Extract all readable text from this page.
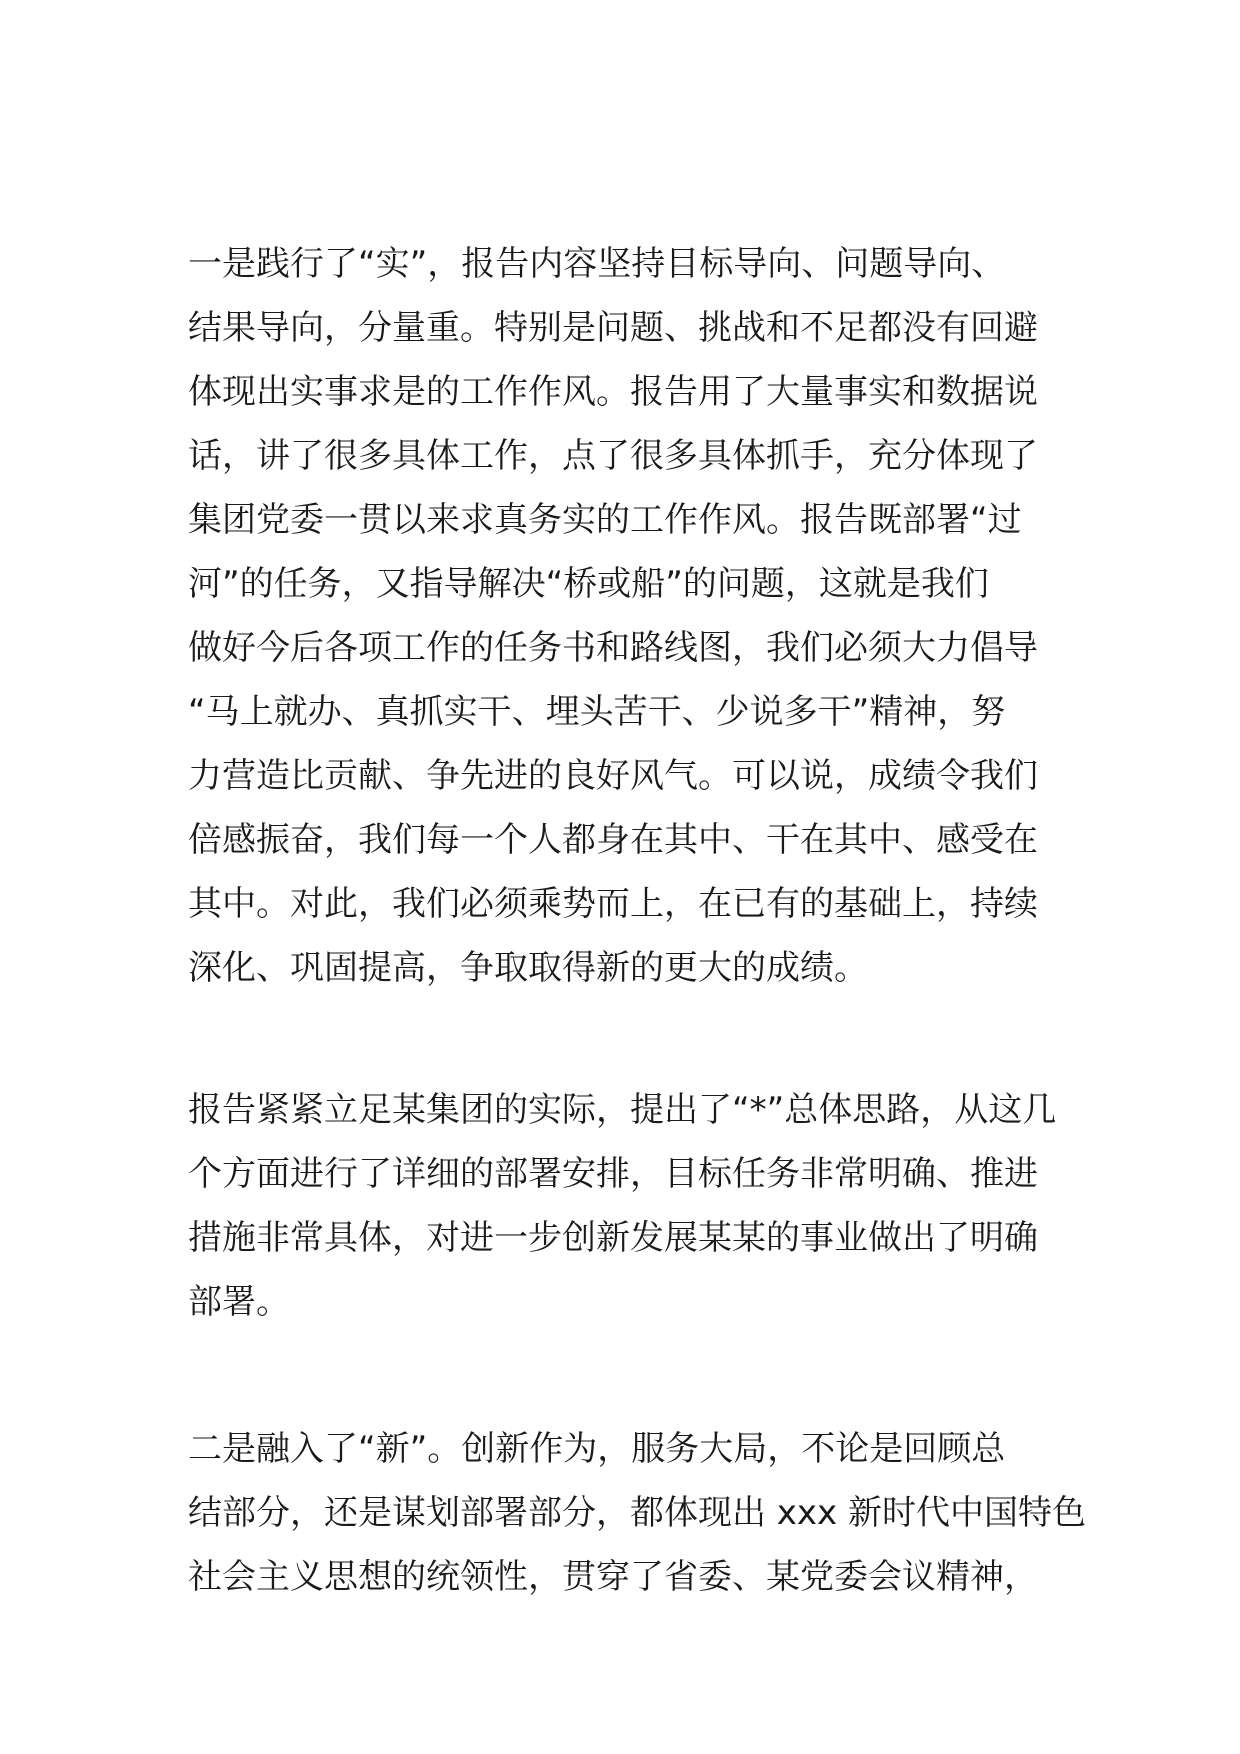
一是践行了“实”，报告内容坚持目标导向、问题导向、
结果导向，分量重。特别是问题、挑战和不足都没有回避
体现出实事求是的工作作风。报告用了大量事实和数据说
话，讲了很多具体工作，点了很多具体抓手，充分体现了
集团党委一贯以来求真务实的工作作风。报告既部署“过
河”的任务，又指导解决“桥或船”的问题，这就是我们
做好今后各项工作的任务书和路线图，我们必须大力倡导
“马上就办、真抓实干、埋头苦干、少说多干”精神，努
力营造比贡献、争先进的良好风气。可以说，成绩令我们
倍感振奋，我们每一个人都身在其中、干在其中、感受在
其中。对此，我们必须乘势而上，在已有的基础上，持续
深化、巩固提高，争取取得新的更大的成绩。
报告紧紧立足某集团的实际，提出了“*”总体思路，从这几
个方面进行了详细的部署安排，目标任务非常明确、推进
措施非常具体，对进一步创新发展某某的事业做出了明确
部署。
二是融入了“新”。创新作为，服务大局，不论是回顾总
结部分，还是谋划部署部分，都体现出 xxx 新时代中国特色
社会主义思想的统领性，贯穿了省委、某党委会议精神，
